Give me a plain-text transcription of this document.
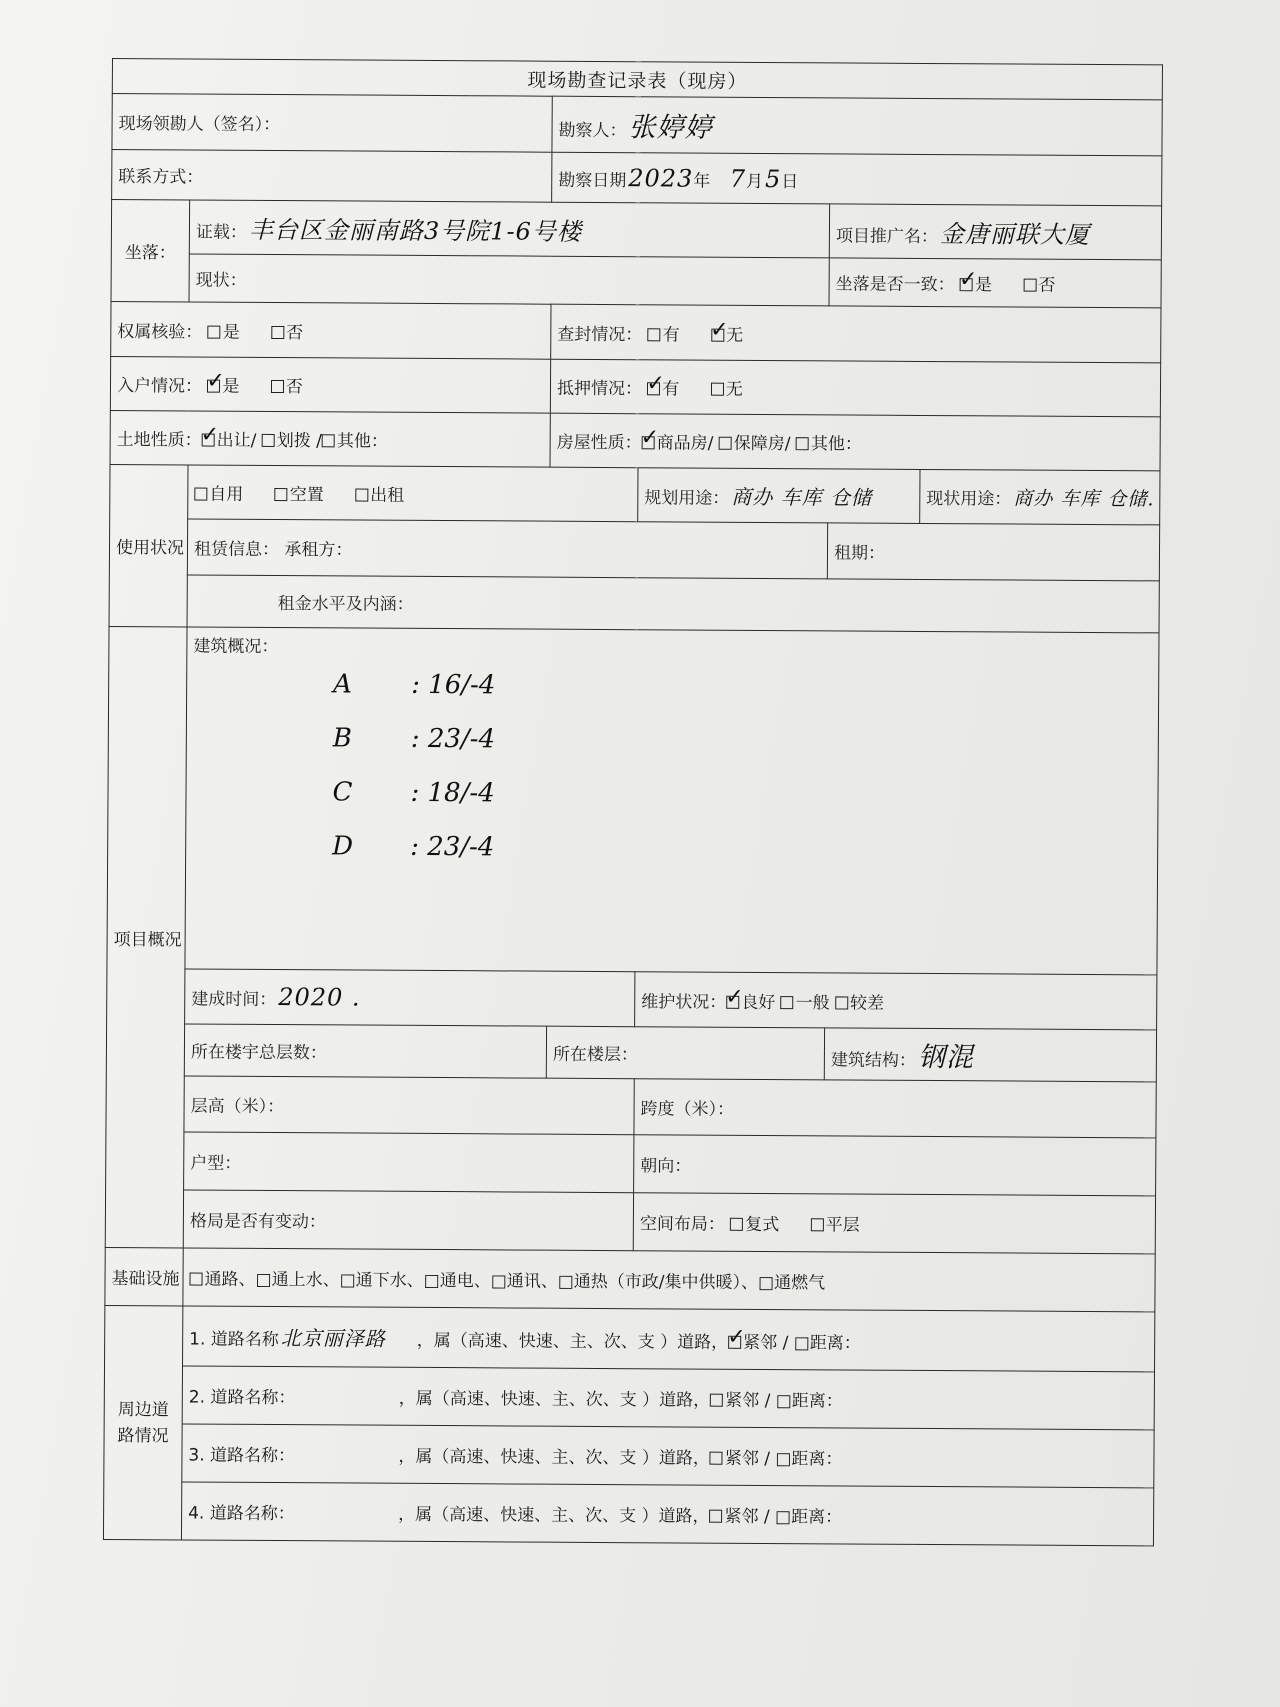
现场勘查记录表（现房）					
现场领勘人（签名）：		勘察人：张婷婷			
联系方式：		勘察日期2023年 7月5日			
坐落：	证载：丰台区金丽南路3号院1-6号楼			项目推广名：金唐丽联大厦	
	现状：			坐落是否一致： ✓ 是 否
权属核验： 是 否		查封情况： 有 ✓ 无
入户情况： ✓ 是 否		抵押情况： ✓ 有 无
土地性质： ✓ 出让/ 划拨 / 其他：		房屋性质： ✓ 商品房/ 保障房/ 其他：
使用状况	自用 空置 出租		规划用途：商办 车库 仓储		现状用途：商办 车库 仓储.
	租赁信息： 承租方：			租期：	
	租金水平及内涵：				
项目概况	建筑概况：
A : 16/-4
B : 23/-4
C : 18/-4
D : 23/-4				

	建成时间：2020 .		维护状况： ✓ 良好 一般 较差
	所在楼宇总层数：	所在楼层：		建筑结构：钢混	
	层高（米）：		跨度（米）：		
	户型：		朝向：		
	格局是否有变动：		空间布局： 复式 平层		
基础设施	通路、□通上水、□通下水、□通电、□通讯、□通热（市政/集中供暖）、□通燃气				
周边道路情况	1. 道路名称北京丽泽路 ，属（高速、快速、主、次、支 ）道路， ✓ 紧邻 / □距离：
	2. 道路名称： ，属（高速、快速、主、次、支 ）道路， 紧邻 / □距离：				
	3. 道路名称： ，属（高速、快速、主、次、支 ）道路， 紧邻 / □距离：				
	4. 道路名称： ，属（高速、快速、主、次、支 ）道路， 紧邻 / □距离：				
